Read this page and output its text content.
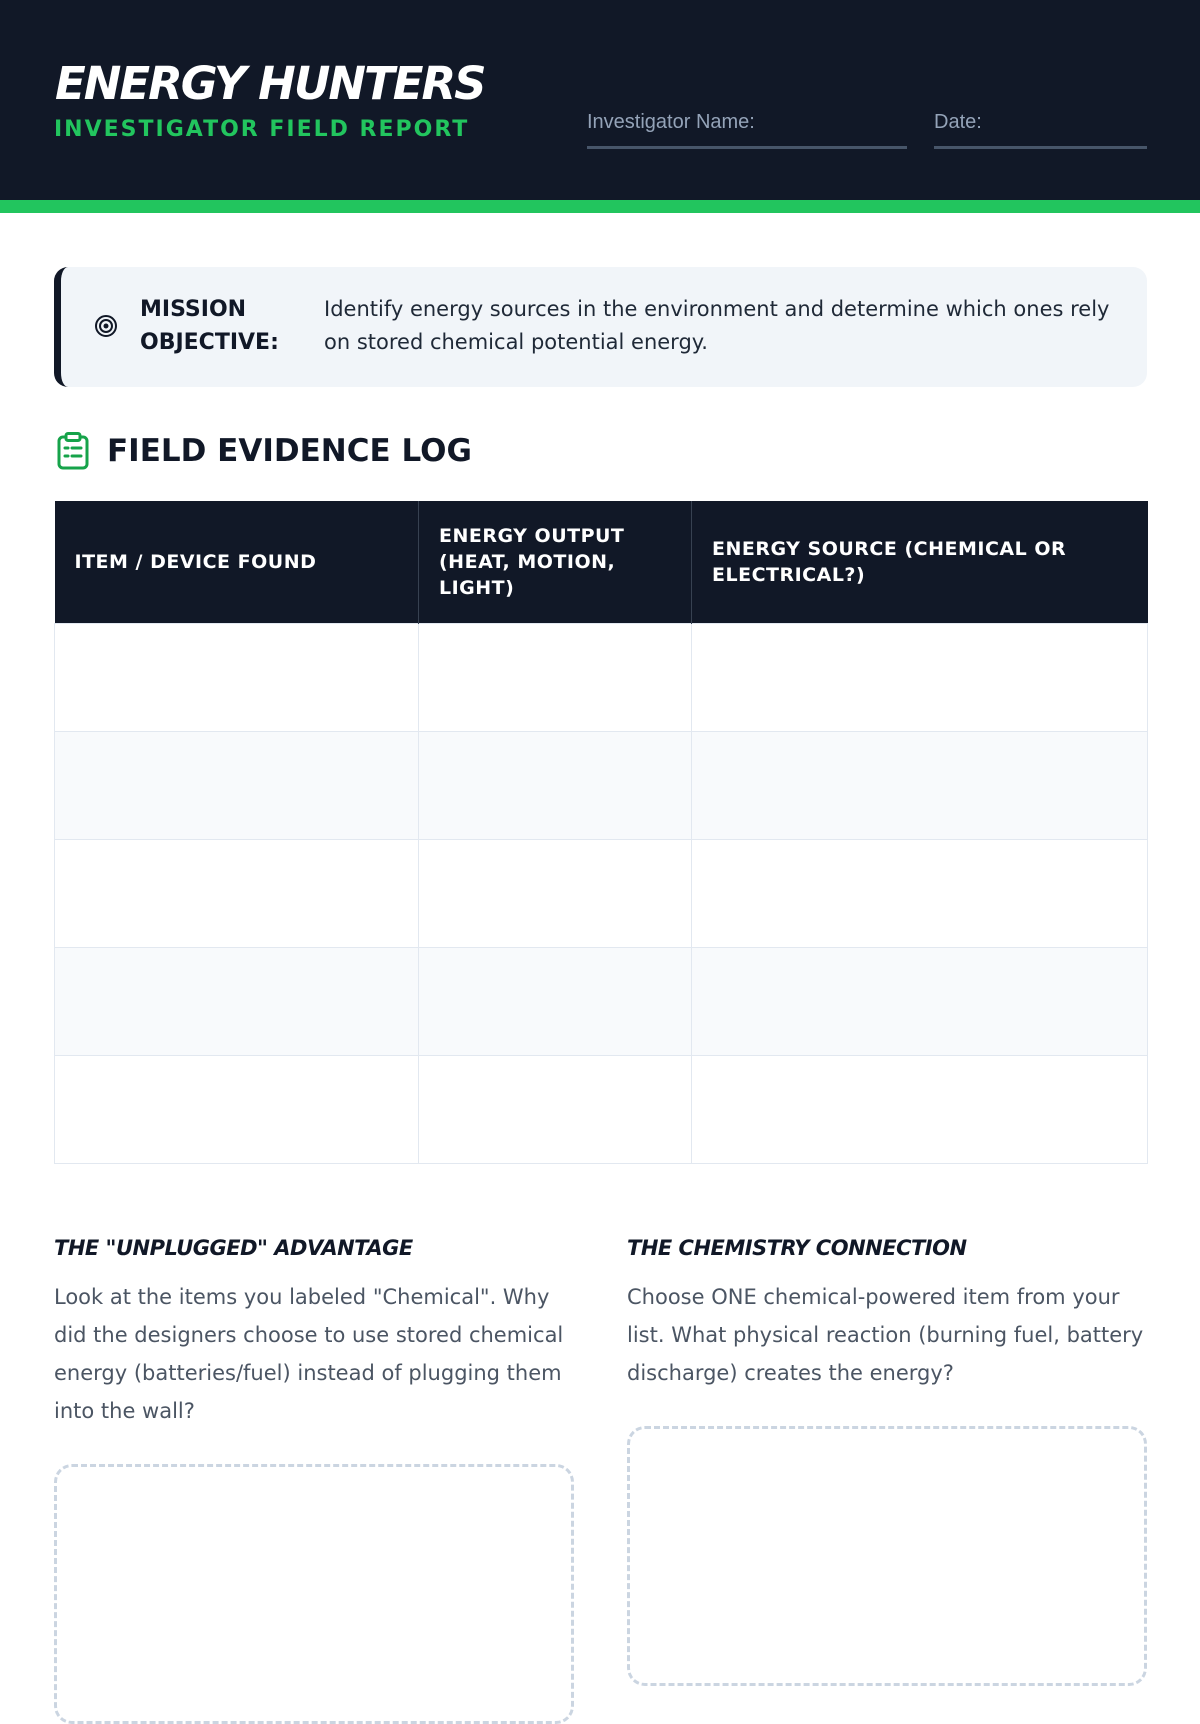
ENERGY HUNTERS
INVESTIGATOR FIELD REPORT	Investigator Name:	Date:
MISSION OBJECTIVE:
Identify energy sources in the environment and determine which ones rely on stored chemical potential energy.
FIELD EVIDENCE LOG
ITEM / DEVICE FOUND	ENERGY OUTPUT (HEAT, MOTION, LIGHT)	ENERGY SOURCE (CHEMICAL OR ELECTRICAL?)

THE "UNPLUGGED" ADVANTAGE

Look at the items you labeled "Chemical". Why did the designers choose to use stored chemical energy (batteries/fuel) instead of plugging them into the wall?

THE CHEMISTRY CONNECTION

Choose ONE chemical-powered item from your list. What physical reaction (burning fuel, battery discharge) creates the energy?
